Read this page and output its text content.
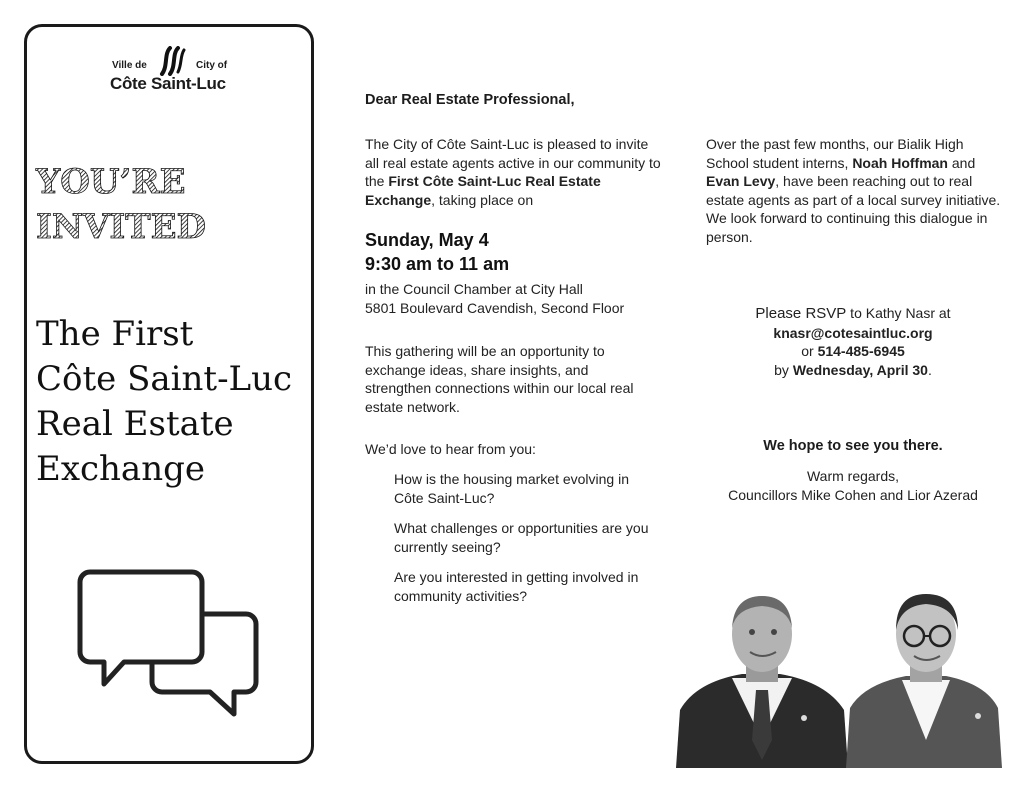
Ville de	City of
Côte Saint-Luc
YOU’RE
INVITED
The First
Côte Saint-Luc
Real Estate
Exchange
Dear Real Estate Professional,

The City of Côte Saint-Luc is pleased to invite all real estate agents active in our community to the First Côte Saint-Luc Real Estate Exchange, taking place on

Sunday, May 4
9:30 am to 11 am
in the Council Chamber at City Hall
5801 Boulevard Cavendish, Second Floor

This gathering will be an opportunity to exchange ideas, share insights, and strengthen connections within our local real estate network.

We’d love to hear from you:
How is the housing market evolving in Côte Saint-Luc?
What challenges or opportunities are you currently seeing?
Are you interested in getting involved in community activities?

Over the past few months, our Bialik High School student interns, Noah Hoffman and Evan Levy, have been reaching out to real estate agents as part of a local survey initiative. We look forward to continuing this dialogue in person.

Please RSVP to Kathy Nasr at
knasr@cotesaintluc.org
or 514-485-6945
by Wednesday, April 30.
We hope to see you there.
Warm regards,
Councillors Mike Cohen and Lior Azerad
